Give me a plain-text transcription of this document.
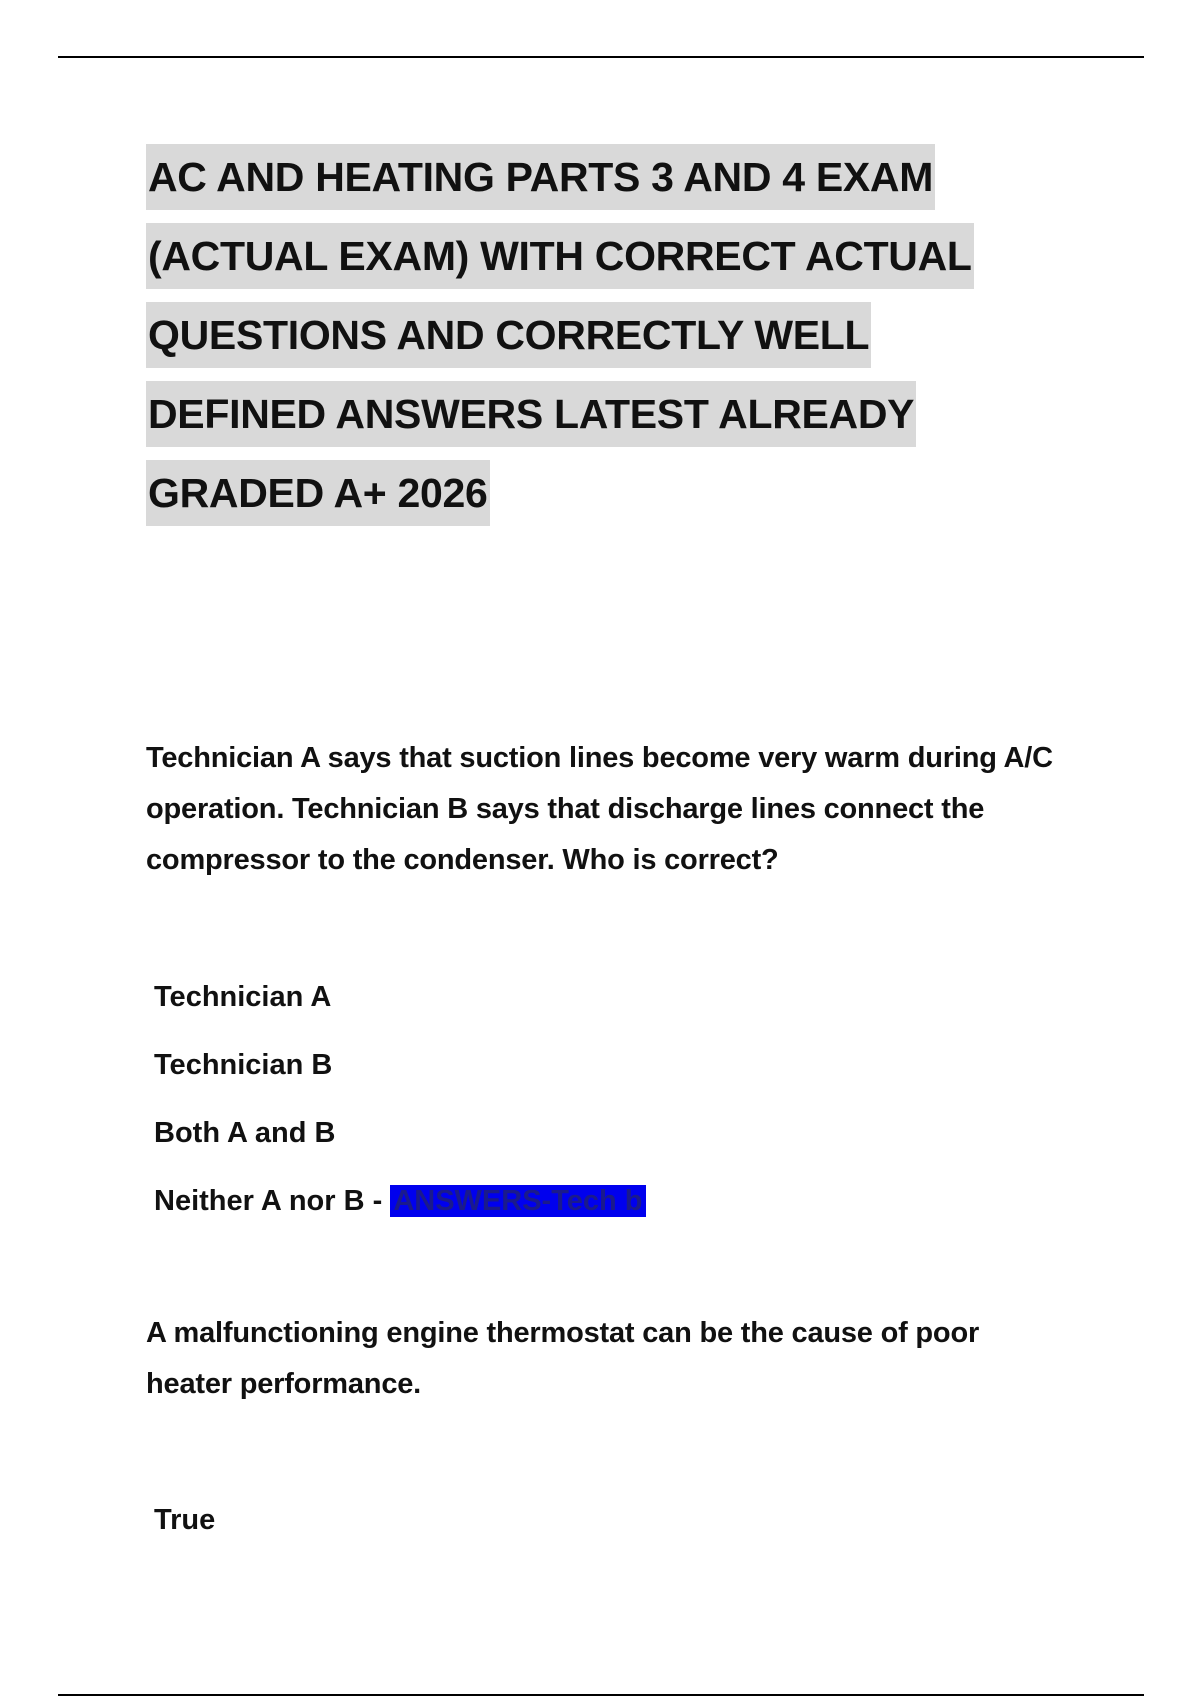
AC AND HEATING PARTS 3 AND 4 EXAM
(ACTUAL EXAM) WITH CORRECT ACTUAL
QUESTIONS AND CORRECTLY WELL
DEFINED ANSWERS LATEST ALREADY
GRADED A+ 2026

Technician A says that suction lines become very warm during A/C operation. Technician B says that discharge lines connect the compressor to the condenser. Who is correct?

Technician A
Technician B
Both A and B
Neither A nor B - ANSWERS-Tech b

A malfunctioning engine thermostat can be the cause of poor heater performance.

True
